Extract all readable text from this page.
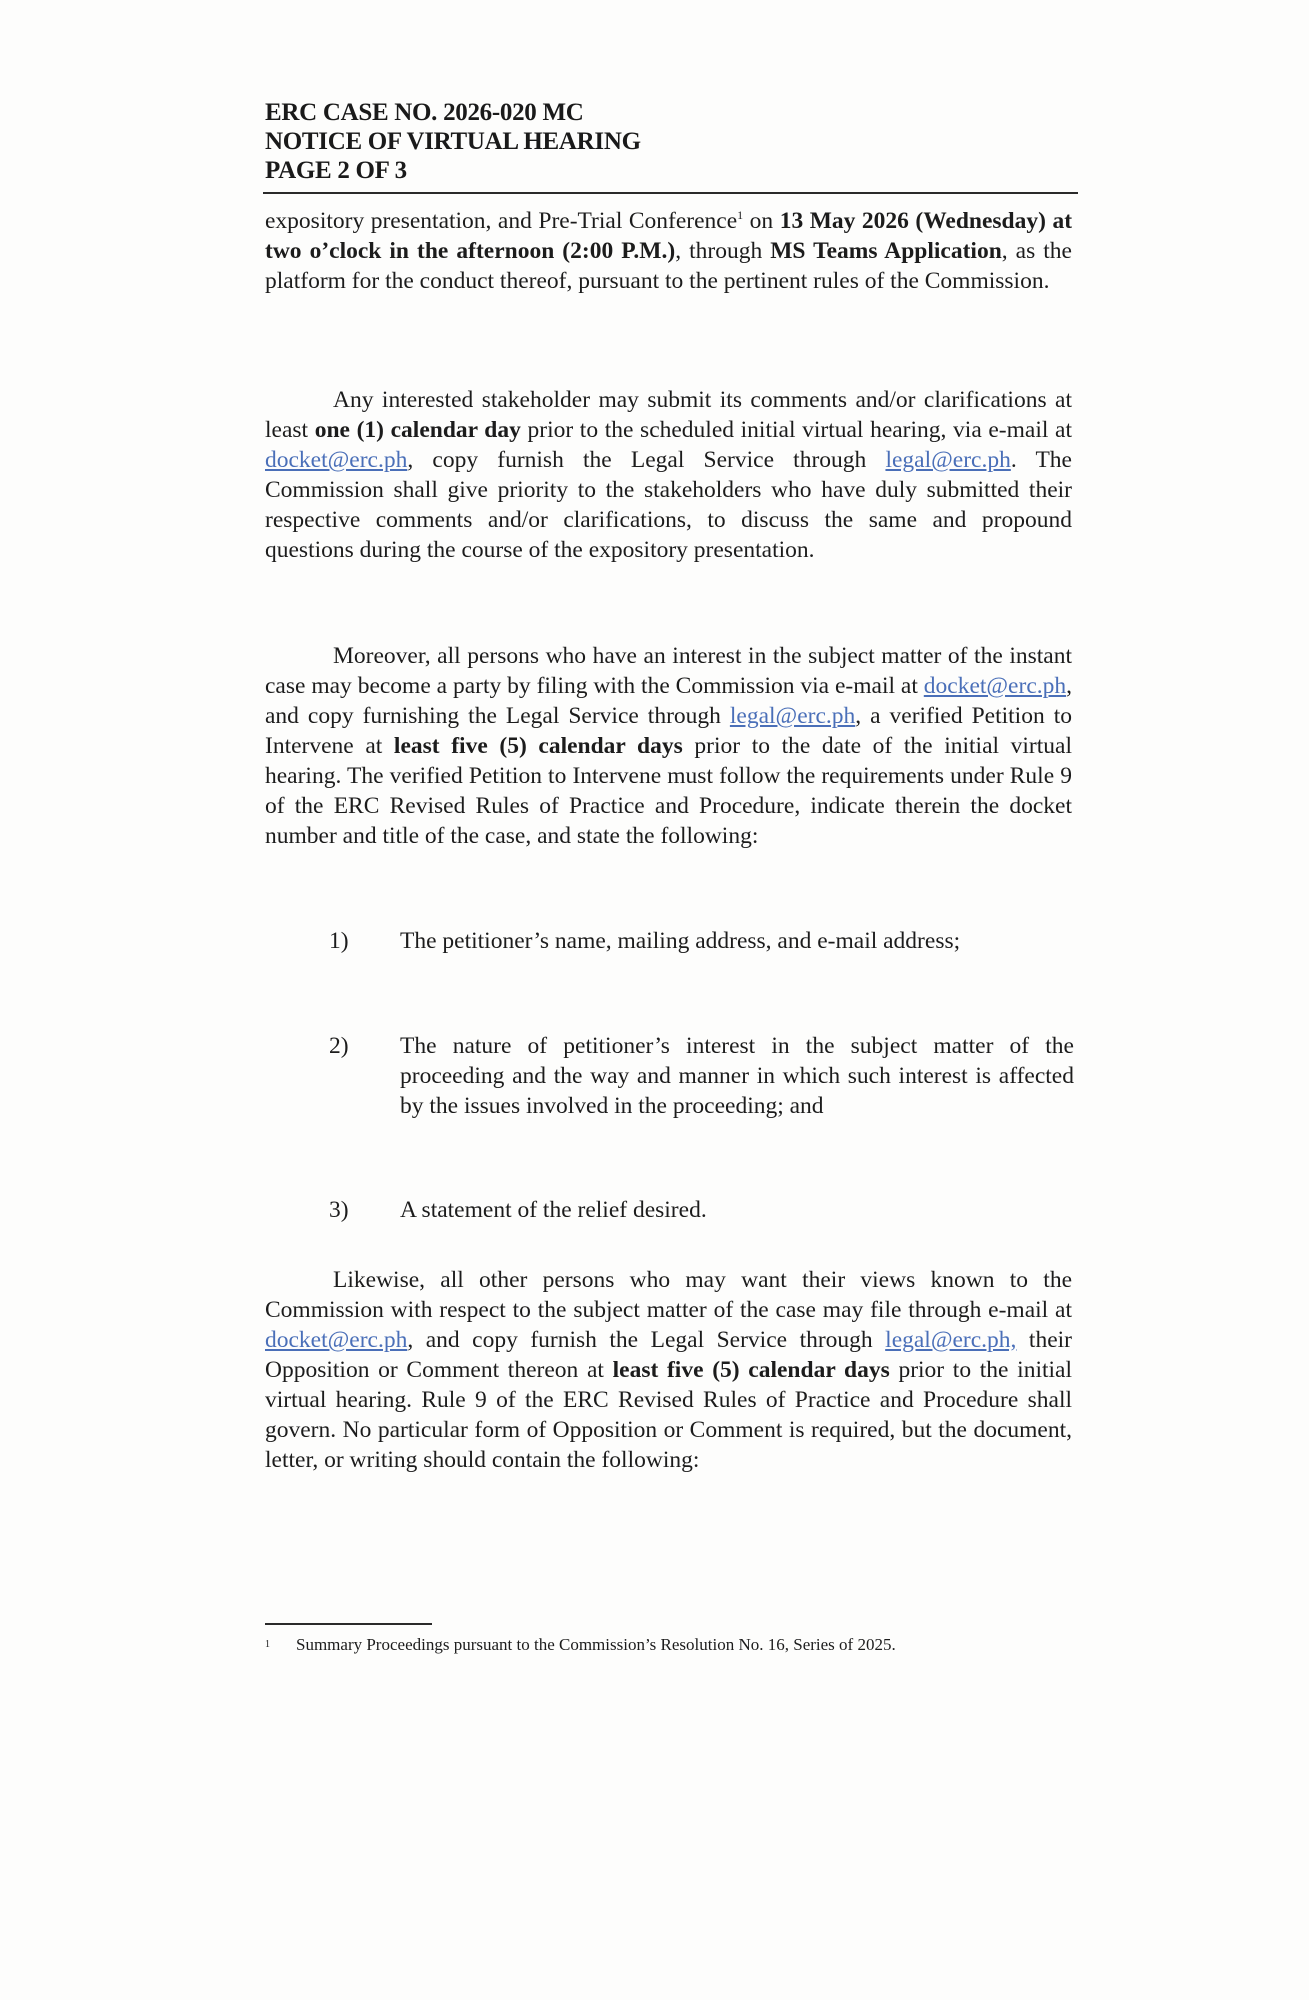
ERC CASE NO. 2026-020 MC
NOTICE OF VIRTUAL HEARING
PAGE 2 OF 3

expository presentation, and Pre-Trial Conference$^1$ on 13 May 2026 (Wednesday) at two o’clock in the afternoon (2:00 P.M.), through MS Teams Application, as the platform for the conduct thereof, pursuant to the pertinent rules of the Commission.

Any interested stakeholder may submit its comments and/or clarifications at least one (1) calendar day prior to the scheduled initial virtual hearing, via e-mail at docket@erc.ph, copy furnish the Legal Service through legal@erc.ph. The Commission shall give priority to the stakeholders who have duly submitted their respective comments and/or clarifications, to discuss the same and propound questions during the course of the expository presentation.

Moreover, all persons who have an interest in the subject matter of the instant case may become a party by filing with the Commission via e-mail at docket@erc.ph, and copy furnishing the Legal Service through legal@erc.ph, a verified Petition to Intervene at least five (5) calendar days prior to the date of the initial virtual hearing. The verified Petition to Intervene must follow the requirements under Rule 9 of the ERC Revised Rules of Practice and Procedure, indicate therein the docket number and title of the case, and state the following:

1) The petitioner’s name, mailing address, and e-mail address;
2) The nature of petitioner’s interest in the subject matter of the proceeding and the way and manner in which such interest is affected by the issues involved in the proceeding; and
3) A statement of the relief desired.

Likewise, all other persons who may want their views known to the Commission with respect to the subject matter of the case may file through e-mail at docket@erc.ph, and copy furnish the Legal Service through legal@erc.ph, their Opposition or Comment thereon at least five (5) calendar days prior to the initial virtual hearing. Rule 9 of the ERC Revised Rules of Practice and Procedure shall govern. No particular form of Opposition or Comment is required, but the document, letter, or writing should contain the following:

1 Summary Proceedings pursuant to the Commission’s Resolution No. 16, Series of 2025.
